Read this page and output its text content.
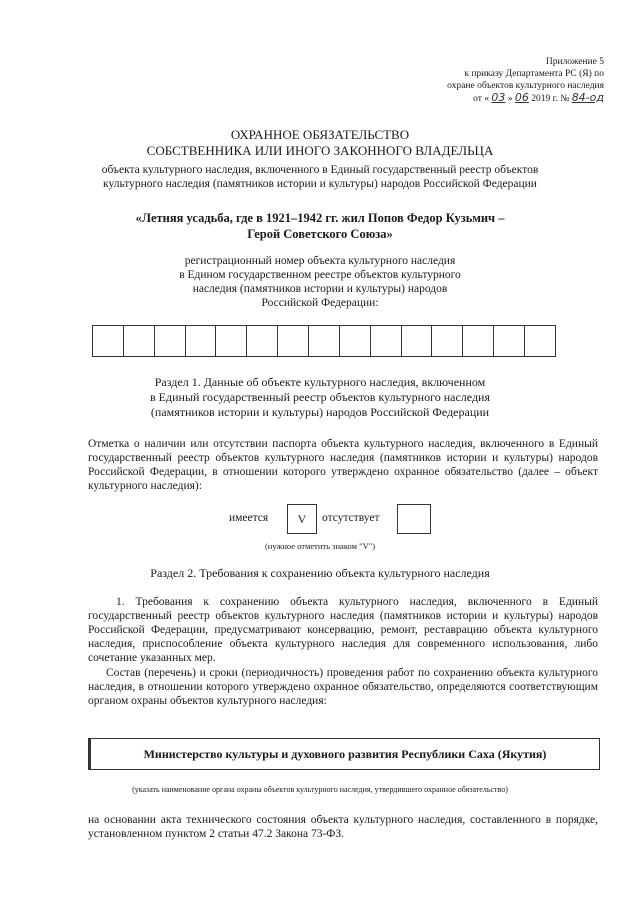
Приложение 5
к приказу Департамента РС (Я) по
охране объектов культурного наследия
от « 03 » 06 2019 г. № 84-од
ОХРАННОЕ ОБЯЗАТЕЛЬСТВО
СОБСТВЕННИКА ИЛИ ИНОГО ЗАКОННОГО ВЛАДЕЛЬЦА
объекта культурного наследия, включенного в Единый государственный реестр объектов
культурного наследия (памятников истории и культуры) народов Российской Федерации
«Летняя усадьба, где в 1921–1942 гг. жил Попов Федор Кузьмич –
Герой Советского Союза»
регистрационный номер объекта культурного наследия
в Едином государственном реестре объектов культурного
наследия (памятников истории и культуры) народов
Российской Федерации:
Раздел 1. Данные об объекте культурного наследия, включенном
в Единый государственный реестр объектов культурного наследия
(памятников истории и культуры) народов Российской Федерации
Отметка о наличии или отсутствии паспорта объекта культурного наследия, включенного в Единый государственный реестр объектов культурного наследия (памятников истории и культуры) народов Российской Федерации, в отношении которого утверждено охранное обязательство (далее – объект культурного наследия):
имеется	V	отсутствует
(нужное отметить знаком "V")
Раздел 2. Требования к сохранению объекта культурного наследия
1. Требования к сохранению объекта культурного наследия, включенного в Единый государственный реестр объектов культурного наследия (памятников истории и культуры) народов Российской Федерации, предусматривают консервацию, ремонт, реставрацию объекта культурного наследия, приспособление объекта культурного наследия для современного использования, либо сочетание указанных мер.
Состав (перечень) и сроки (периодичность) проведения работ по сохранению объекта культурного наследия, в отношении которого утверждено охранное обязательство, определяются соответствующим органом охраны объектов культурного наследия:
Министерство культуры и духовного развития Республики Саха (Якутия)
(указать наименование органа охраны объектов культурного наследия, утвердившего охранное обязательство)
на основании акта технического состояния объекта культурного наследия, составленного в порядке, установленном пунктом 2 статьи 47.2 Закона 73-ФЗ.
